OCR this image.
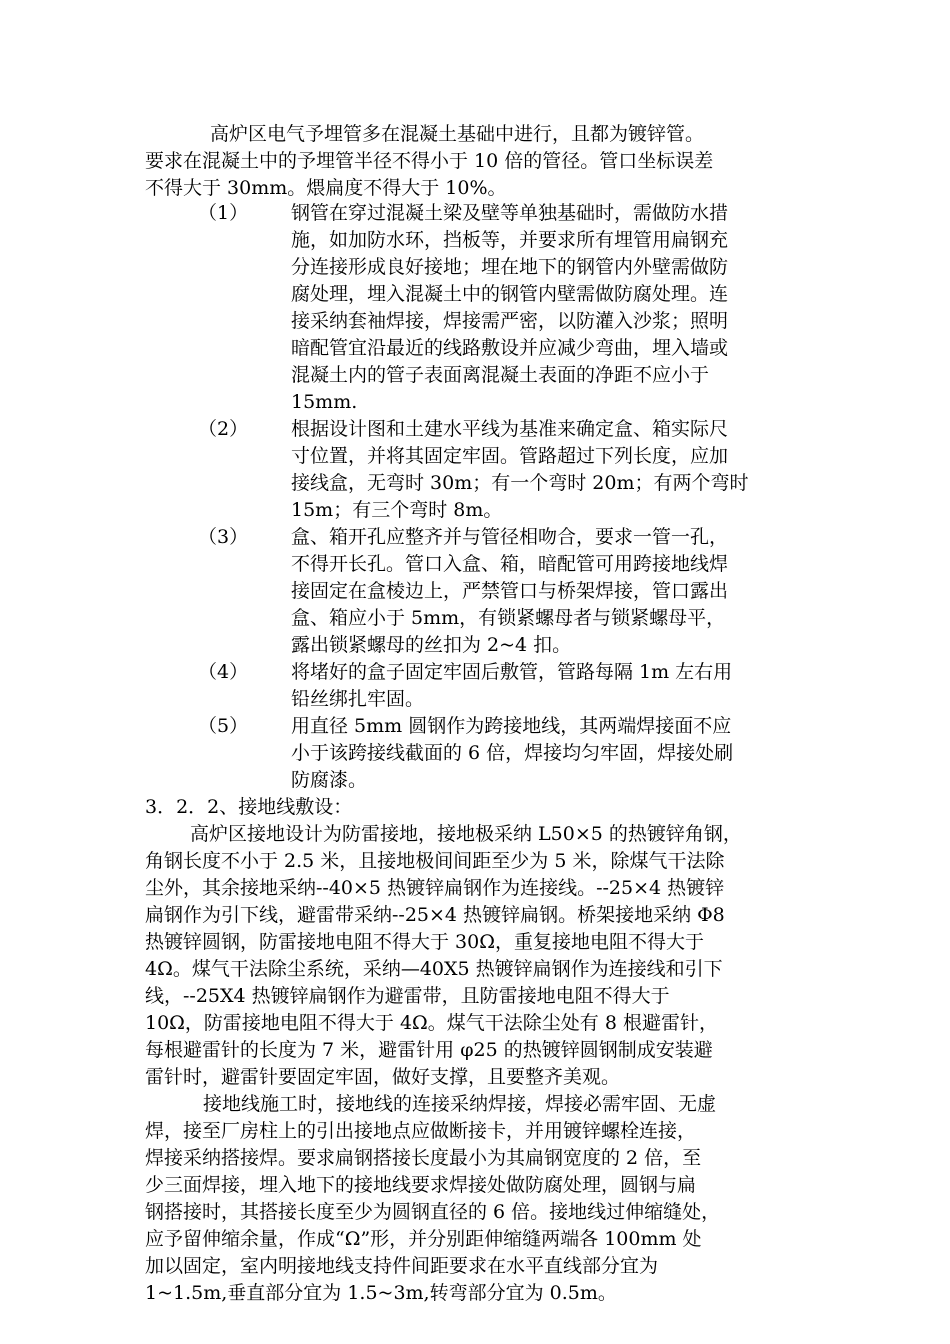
高炉区电气予埋管多在混凝土基础中进行，且都为镀锌管。
要求在混凝土中的予埋管半径不得小于 10 倍的管径。管口坐标误差
不得大于 30mm。煨扁度不得大于 10%。
（1） 钢管在穿过混凝土梁及壁等单独基础时，需做防水措
施，如加防水环，挡板等，并要求所有埋管用扁钢充
分连接形成良好接地；埋在地下的钢管内外壁需做防
腐处理，埋入混凝土中的钢管内壁需做防腐处理。连
接采纳套袖焊接，焊接需严密，以防灌入沙浆；照明
暗配管宜沿最近的线路敷设并应减少弯曲，埋入墙或
混凝土内的管子表面离混凝土表面的净距不应小于
15mm.
（2） 根据设计图和土建水平线为基准来确定盒、箱实际尺
寸位置，并将其固定牢固。管路超过下列长度，应加
接线盒，无弯时 30m；有一个弯时 20m；有两个弯时
15m；有三个弯时 8m。
（3） 盒、箱开孔应整齐并与管径相吻合，要求一管一孔，
不得开长孔。管口入盒、箱，暗配管可用跨接地线焊
接固定在盒棱边上，严禁管口与桥架焊接，管口露出
盒、箱应小于 5mm，有锁紧螺母者与锁紧螺母平，
露出锁紧螺母的丝扣为 2~4 扣。
（4） 将堵好的盒子固定牢固后敷管，管路每隔 1m 左右用
铅丝绑扎牢固。
（5） 用直径 5mm 圆钢作为跨接地线，其两端焊接面不应
小于该跨接线截面的 6 倍，焊接均匀牢固，焊接处刷
防腐漆。
3．2．2、接地线敷设：
高炉区接地设计为防雷接地，接地极采纳 L50×5 的热镀锌角钢，
角钢长度不小于 2.5 米，且接地极间间距至少为 5 米，除煤气干法除
尘外，其余接地采纳--40×5 热镀锌扁钢作为连接线。--25×4 热镀锌
扁钢作为引下线，避雷带采纳--25×4 热镀锌扁钢。桥架接地采纳 Φ8
热镀锌圆钢，防雷接地电阻不得大于 30Ω，重复接地电阻不得大于
4Ω。煤气干法除尘系统，采纳—40X5 热镀锌扁钢作为连接线和引下
线，--25X4 热镀锌扁钢作为避雷带，且防雷接地电阻不得大于
10Ω，防雷接地电阻不得大于 4Ω。煤气干法除尘处有 8 根避雷针，
每根避雷针的长度为 7 米，避雷针用 φ25 的热镀锌圆钢制成安装避
雷针时，避雷针要固定牢固，做好支撑，且要整齐美观。
接地线施工时，接地线的连接采纳焊接，焊接必需牢固、无虚
焊，接至厂房柱上的引出接地点应做断接卡，并用镀锌螺栓连接，
焊接采纳搭接焊。要求扁钢搭接长度最小为其扁钢宽度的 2 倍，至
少三面焊接，埋入地下的接地线要求焊接处做防腐处理，圆钢与扁
钢搭接时，其搭接长度至少为圆钢直径的 6 倍。接地线过伸缩缝处，
应予留伸缩余量，作成“Ω”形，并分别距伸缩缝两端各 100mm 处
加以固定，室内明接地线支持件间距要求在水平直线部分宜为
1~1.5m,垂直部分宜为 1.5~3m,转弯部分宜为 0.5m。
